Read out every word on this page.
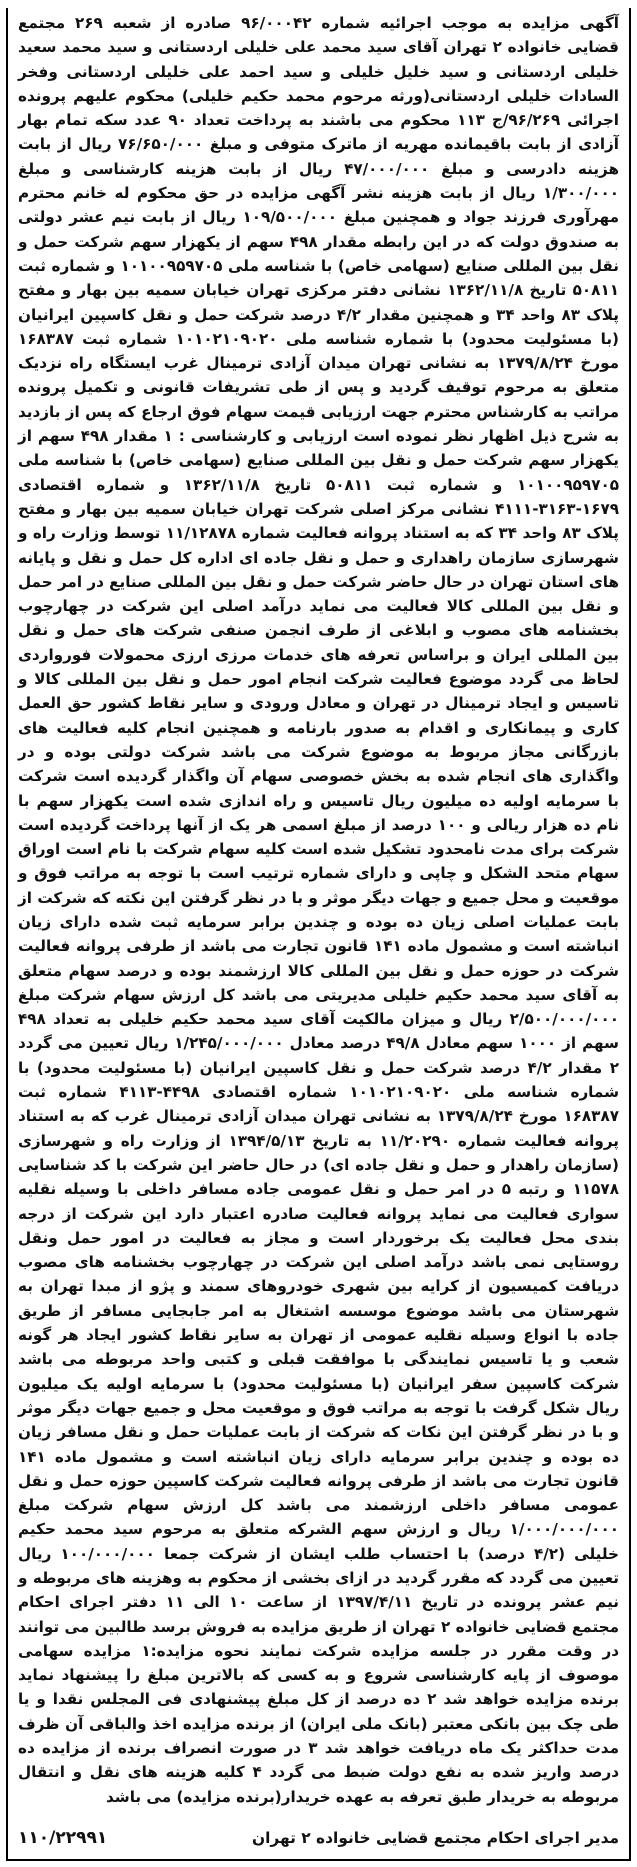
آگهی مزایده به موجب اجرائیه شماره ۹۶/۰۰۰۴۲ صادره از شعبه ۲۶۹ مجتمع قضایی خانواده ۲ تهران آقای سید محمد علی خلیلی اردستانی و سید محمد سعید خلیلی اردستانی و سید خلیل خلیلی و سید احمد علی خلیلی اردستانی وفخر السادات خلیلی اردستانی(ورثه مرحوم محمد حکیم خلیلی) محکوم علیهم پرونده اجرائی ۹۶/۲۶۹/ج ۱۱۳ محکوم می باشند به پرداخت تعداد ۹۰ عدد سکه تمام بهار آزادی از بابت باقیمانده مهریه از ماترک متوفی و مبلغ ۷۶/۶۵۰/۰۰۰ ریال از بابت هزینه دادرسی و مبلغ ۴۷/۰۰۰/۰۰۰ ریال از بابت هزینه کارشناسی و مبلغ ۱/۳۰۰/۰۰۰ ریال از بابت هزینه نشر آگهی مزایده در حق محکوم له خانم محترم مهرآوری فرزند جواد و همچنین مبلغ ۱۰۹/۵۰۰/۰۰۰ ریال از بابت نیم عشر دولتی به صندوق دولت که در این رابطه مقدار ۴۹۸ سهم از یکهزار سهم شرکت حمل و نقل بین المللی صنایع (سهامی خاص) با شناسه ملی ۱۰۱۰۰۹۵۹۷۰۵ و شماره ثبت ۵۰۸۱۱ تاریخ ۱۳۶۲/۱۱/۸ نشانی دفتر مرکزی تهران خیابان سمیه بین بهار و مفتح پلاک ۸۳ واحد ۳۴ و همچنین مقدار ۴/۲ درصد شرکت حمل و نقل کاسپین ایرانیان (با مسئولیت محدود) با شماره شناسه ملی ۱۰۱۰۲۱۰۹۰۲۰ شماره ثبت ۱۶۸۳۸۷ مورخ ۱۳۷۹/۸/۲۴ به نشانی تهران میدان آزادی ترمینال غرب ایستگاه راه نزدیک متعلق به مرحوم توقیف گردید و پس از طی تشریفات قانونی و تکمیل پرونده مراتب به کارشناس محترم جهت ارزیابی قیمت سهام فوق ارجاع که پس از بازدید به شرح ذیل اظهار نظر نموده است ارزیابی و کارشناسی : ۱ مقدار ۴۹۸ سهم از یکهزار سهم شرکت حمل و نقل بین المللی صنایع (سهامی خاص) با شناسه ملی ۱۰۱۰۰۹۵۹۷۰۵ و شماره ثبت ۵۰۸۱۱ تاریخ ۱۳۶۲/۱۱/۸ و شماره اقتصادی ۱۶۷۹-۳۱۶۳-۴۱۱۱ نشانی مرکز اصلی شرکت تهران خیابان سمیه بین بهار و مفتح پلاک ۸۳ واحد ۳۴ که به استناد پروانه فعالیت شماره ۱۱/۱۲۸۷۸ توسط وزارت راه و شهرسازی سازمان راهداری و حمل و نقل جاده ای اداره کل حمل و نقل و پایانه های استان تهران در حال حاضر شرکت حمل و نقل بین المللی صنایع در امر حمل و نقل بین المللی کالا فعالیت می نماید درآمد اصلی این شرکت در چهارچوب بخشنامه های مصوب و ابلاغی از طرف انجمن صنفی شرکت های حمل و نقل بین المللی ایران و براساس تعرفه های خدمات مرزی ارزی محمولات فورواردی لحاظ می گردد موضوع فعالیت شرکت انجام امور حمل و نقل بین المللی کالا و تاسیس و ایجاد ترمینال در تهران و معادل ورودی و سایر نقاط کشور حق العمل کاری و پیمانکاری و اقدام به صدور بارنامه و همچنین انجام کلیه فعالیت های بازرگانی مجاز مربوط به موضوع شرکت می باشد شرکت دولتی بوده و در واگذاری های انجام شده به بخش خصوصی سهام آن واگذار گردیده است شرکت با سرمایه اولیه ده میلیون ریال تاسیس و راه اندازی شده است یکهزار سهم با نام ده هزار ریالی و ۱۰۰ درصد از مبلغ اسمی هر یک از آنها پرداخت گردیده است شرکت برای مدت نامحدود تشکیل شده است کلیه سهام شرکت با نام است اوراق سهام متحد الشکل و چاپی و دارای شماره ترتیب است با توجه به مراتب فوق و موقعیت و محل جمیع و جهات دیگر موثر و با در نظر گرفتن این نکته که شرکت از بابت عملیات اصلی زیان ده بوده و چندین برابر سرمایه ثبت شده دارای زیان انباشته است و مشمول ماده ۱۴۱ قانون تجارت می باشد از طرفی پروانه فعالیت شرکت در حوزه حمل و نقل بین المللی کالا ارزشمند بوده و درصد سهام متعلق به آقای سید محمد حکیم خلیلی مدیریتی می باشد کل ارزش سهام شرکت مبلغ ۲/۵۰۰/۰۰۰/۰۰۰ ریال و میزان مالکیت آقای سید محمد حکیم خلیلی به تعداد ۴۹۸ سهم از ۱۰۰۰ سهم معادل ۴۹/۸ درصد معادل ۱/۲۴۵/۰۰۰/۰۰۰ ریال تعیین می گردد ۲ مقدار ۴/۲ درصد شرکت حمل و نقل کاسپین ایرانیان (با مسئولیت محدود) با شماره شناسه ملی ۱۰۱۰۲۱۰۹۰۲۰ شماره اقتصادی ۴۴۹۸-۴۱۱۳ شماره ثبت ۱۶۸۳۸۷ مورخ ۱۳۷۹/۸/۲۴ به نشانی تهران میدان آزادی ترمینال غرب که به استناد پروانه فعالیت شماره ۱۱/۲۰۲۹۰ به تاریخ ۱۳۹۴/۵/۱۳ از وزارت راه و شهرسازی (سازمان راهدار و حمل و نقل جاده ای) در حال حاضر این شرکت با کد شناسایی ۱۱۵۷۸ و رتبه ۵ در امر حمل و نقل عمومی جاده مسافر داخلی با وسیله نقلیه سواری فعالیت می نماید پروانه فعالیت صادره اعتبار دارد این شرکت از درجه بندی محل فعالیت یک برخوردار است و مجاز به فعالیت در امور حمل ونقل روستایی نمی باشد درآمد اصلی این شرکت در چهارچوب بخشنامه های مصوب دریافت کمیسیون از کرایه بین شهری خودروهای سمند و پژو از مبدا تهران به شهرستان می باشد موضوع موسسه اشتغال به امر جابجایی مسافر از طریق جاده با انواع وسیله نقلیه عمومی از تهران به سایر نقاط کشور ایجاد هر گونه شعب و یا تاسیس نمایندگی با موافقت قبلی و کتبی واحد مربوطه می باشد شرکت کاسپین سفر ایرانیان (با مسئولیت محدود) با سرمایه اولیه یک میلیون ریال شکل گرفت با توجه به مراتب فوق و موقعیت محل و جمیع جهات دیگر موثر و با در نظر گرفتن این نکات که شرکت از بابت عملیات حمل و نقل مسافر زیان ده بوده و چندین برابر سرمایه دارای زیان انباشته است و مشمول ماده ۱۴۱ قانون تجارت می باشد از طرفی پروانه فعالیت شرکت کاسپین حوزه حمل و نقل عمومی مسافر داخلی ارزشمند می باشد کل ارزش سهام شرکت مبلغ ۱/۰۰۰/۰۰۰/۰۰۰ ریال و ارزش سهم الشرکه متعلق به مرحوم سید محمد حکیم خلیلی (۴/۲ درصد) با احتساب طلب ایشان از شرکت جمعا ۱۰۰/۰۰۰/۰۰۰ ریال تعیین می گردد که مقرر گردید در ازای بخشی از محکوم به وهزینه های مربوطه و نیم عشر پرونده در تاریخ ۱۳۹۷/۴/۱۱ از ساعت ۱۰ الی ۱۱ دفتر اجرای احکام مجتمع قضایی خانواده ۲ تهران از طریق مزایده به فروش برسد طالبین می توانند در وقت مقرر در جلسه مزایده شرکت نمایند نحوه مزایده:۱ مزایده سهامی موصوف از پایه کارشناسی شروع و به کسی که بالاترین مبلغ را پیشنهاد نماید برنده مزایده خواهد شد ۲ ده درصد از کل مبلغ پیشنهادی فی المجلس نقدا و یا طی چک بین بانکی معتبر (بانک ملی ایران) از برنده مزایده اخذ والباقی آن ظرف مدت حداکثر یک ماه دریافت خواهد شد ۳ در صورت انصراف برنده از مزایده ده درصد واریز شده به نفع دولت ضبط می گردد ۴ کلیه هزینه های نقل و انتقال مربوطه به خریدار طبق تعرفه به عهده خریدار(برنده مزایده) می باشد

مدیر اجرای احکام مجتمع قضایی خانواده ۲ تهران
۱۱۰/۲۲۹۹۱
